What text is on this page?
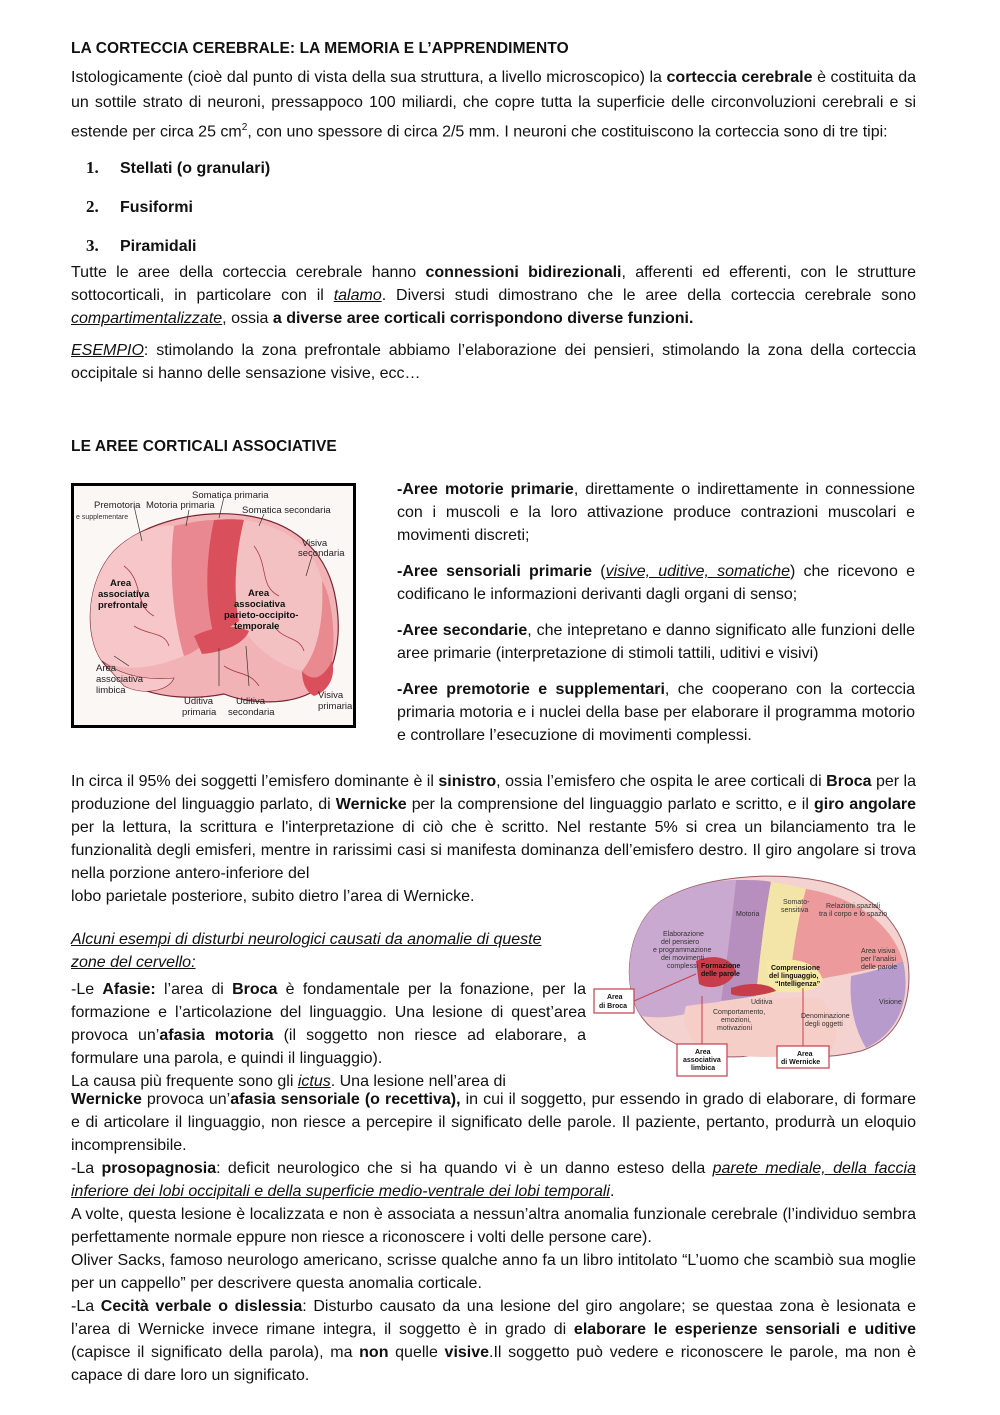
LA CORTECCIA CEREBRALE: LA MEMORIA E L’APPRENDIMENTO

Istologicamente (cioè dal punto di vista della sua struttura, a livello microscopico) la corteccia cerebrale è costituita da un sottile strato di neuroni, pressappoco 100 miliardi, che copre tutta la superficie delle circonvoluzioni cerebrali e si estende per circa 25 $cm^2$, con uno spessore di circa 2/5 mm. I neuroni che costituiscono la corteccia sono di tre tipi:

1. Stellati (o granulari)
2. Fusiformi
3. Piramidali

Tutte le aree della corteccia cerebrale hanno connessioni bidirezionali, afferenti ed efferenti, con le strutture sottocorticali, in particolare con il talamo. Diversi studi dimostrano che le aree della corteccia cerebrale sono compartimentalizzate, ossia a diverse aree corticali corrispondono diverse funzioni.

ESEMPIO: stimolando la zona prefrontale abbiamo l’elaborazione dei pensieri, stimolando la zona della corteccia occipitale si hanno delle sensazione visive, ecc…

LE AREE CORTICALI ASSOCIATIVE
Somatica primaria
Premotoria
e supplementare
Motoria primaria	Somatica secondaria
Visiva
secondaria
Area
associativa
prefrontale
Area
associativa
parieto-occipito-
temporale
Area
associativa
limbica
Uditiva
primaria
Uditiva
secondaria
Visiva
primaria

-Aree motorie primarie, direttamente o indirettamente in connessione con i muscoli e la loro attivazione produce contrazioni muscolari e movimenti discreti;

-Aree sensoriali primarie (visive, uditive, somatiche) che ricevono e codificano le informazioni derivanti dagli organi di senso;

-Aree secondarie, che intepretano e danno significato alle funzioni delle aree primarie (interpretazione di stimoli tattili, uditivi e visivi)

-Aree premotorie e supplementari, che cooperano con la corteccia primaria motoria e i nuclei della base per elaborare il programma motorio e controllare l’esecuzione di movimenti complessi.

In circa il 95% dei soggetti l’emisfero dominante è il sinistro, ossia l’emisfero che ospita le aree corticali di Broca per la produzione del linguaggio parlato, di Wernicke per la comprensione del linguaggio parlato e scritto, e il giro angolare per la lettura, la scrittura e l'interpretazione di ciò che è scritto. Nel restante 5% si crea un bilanciamento tra le funzionalità degli emisferi, mentre in rarissimi casi si manifesta dominanza dell’emisfero destro. Il giro angolare si trova nella porzione antero-inferiore del

lobo parietale posteriore, subito dietro l’area di Wernicke.

Motoria
Somato-
sensitiva
Relazioni spaziali
tra il corpo e lo spazio
Elaborazione
del pensiero
e programmazione
dei movimenti
complessi Formazione
delle parole
Comprensione
del linguaggio,
“Intelligenza”
Area visiva
per l’analisi
delle parole
Uditiva
Comportamento,
emozioni,
motivazioni
Denominazione
degli oggetti
Visione
Area
di Broca
Area
associativa
limbica
Area
di Wernicke

Alcuni esempi di disturbi neurologici causati da anomalie di queste
zone del cervello:

-Le Afasie: l’area di Broca è fondamentale per la fonazione, per la formazione e l’articolazione del linguaggio. Una lesione di quest’area provoca un’afasia motoria (il soggetto non riesce ad elaborare, a formulare una parola, e quindi il linguaggio).

La causa più frequente sono gli ictus. Una lesione nell’area di

Wernicke provoca un’afasia sensoriale (o recettiva), in cui il soggetto, pur essendo in grado di elaborare, di formare e di articolare il linguaggio, non riesce a percepire il significato delle parole. Il paziente, pertanto, produrrà un eloquio incomprensibile.

-La prosopagnosia: deficit neurologico che si ha quando vi è un danno esteso della parete mediale, della faccia inferiore dei lobi occipitali e della superficie medio-ventrale dei lobi temporali.

A volte, questa lesione è localizzata e non è associata a nessun’altra anomalia funzionale cerebrale (l’individuo sembra perfettamente normale eppure non riesce a riconoscere i volti delle persone care).

Oliver Sacks, famoso neurologo americano, scrisse qualche anno fa un libro intitolato “L’uomo che scambiò sua moglie per un cappello” per descrivere questa anomalia corticale.

-La Cecità verbale o dislessia: Disturbo causato da una lesione del giro angolare; se questaa zona è lesionata e l’area di Wernicke invece rimane integra, il soggetto è in grado di elaborare le esperienze sensoriali e uditive (capisce il significato della parola), ma non quelle visive.Il soggetto può vedere e riconoscere le parole, ma non è capace di dare loro un significato.
